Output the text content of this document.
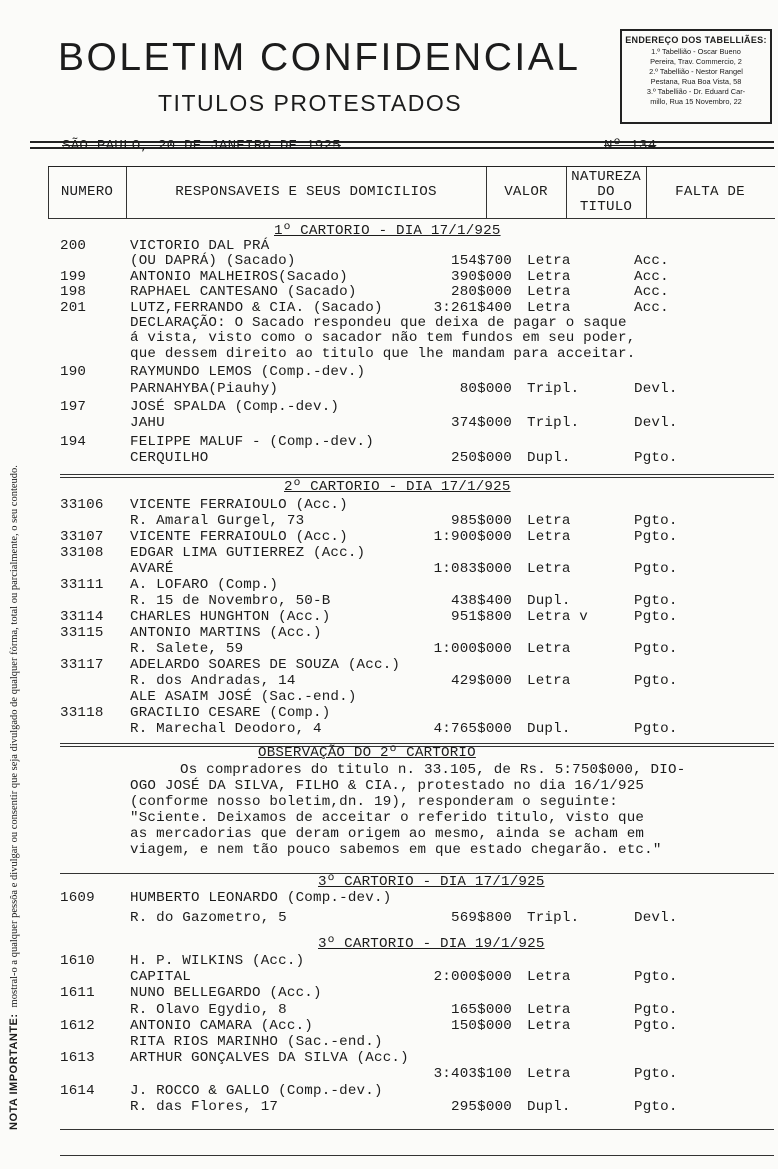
BOLETIM CONFIDENCIAL
TITULOS PROTESTADOS
ENDEREÇO DOS TABELLIÃES:
1.º Tabellião - Oscar Bueno
Pereira, Trav. Commercio, 2
2.º Tabellião - Nestor Rangel
Pestana, Rua Boa Vista, 58
3.º Tabellião - Dr. Eduard Car-
millo, Rua 15 Novembro, 22
SÃO PAULO, 20 DE JANEIRO DE 1925	Nº 134
NUMERO	RESPONSAVEIS E SEUS DOMICILIOS	VALOR
NATUREZA
DO
TITULO
FALTA DE
1º CARTORIO - DIA 17/1/925
200	VICTORIO DAL PRÁ
(OU DAPRÁ) (Sacado)	154$700 Letra	Acc.
199	ANTONIO MALHEIROS(Sacado)	390$000 Letra	Acc.
198	RAPHAEL CANTESANO (Sacado)	280$000 Letra	Acc.
201	LUTZ,FERRANDO & CIA. (Sacado)	3:261$400 Letra	Acc.
DECLARAÇÃO: O Sacado respondeu que deixa de pagar o saque
á vista, visto como o sacador não tem fundos em seu poder,
que dessem direito ao titulo que lhe mandam para acceitar.
190	RAYMUNDO LEMOS (Comp.-dev.)
PARNAHYBA(Piauhy)	80$000 Tripl.	Devl.
197	JOSÉ SPALDA (Comp.-dev.)
JAHU	374$000 Tripl.	Devl.
194	FELIPPE MALUF - (Comp.-dev.)
CERQUILHO	250$000 Dupl.	Pgto.
2º CARTORIO - DIA 17/1/925
33106	VICENTE FERRAIOULO (Acc.)
R. Amaral Gurgel, 73	985$000 Letra	Pgto.
33107	VICENTE FERRAIOULO (Acc.)	1:900$000 Letra	Pgto.
33108	EDGAR LIMA GUTIERREZ (Acc.)
AVARÉ	1:083$000 Letra	Pgto.
33111	A. LOFARO (Comp.)
R. 15 de Novembro, 50-B	438$400 Dupl.	Pgto.
33114	CHARLES HUNGHTON (Acc.)	951$800 Letra v	Pgto.
33115	ANTONIO MARTINS (Acc.)
R. Salete, 59	1:000$000 Letra	Pgto.
33117	ADELARDO SOARES DE SOUZA (Acc.)
R. dos Andradas, 14	429$000 Letra	Pgto.
ALE ASAIM JOSÉ (Sac.-end.)
33118	GRACILIO CESARE (Comp.)
R. Marechal Deodoro, 4	4:765$000 Dupl.	Pgto.
OBSERVAÇÃO DO 2º CARTORIO
Os compradores do titulo n. 33.105, de Rs. 5:750$000, DIO-
OGO JOSÉ DA SILVA, FILHO & CIA., protestado no dia 16/1/925
(conforme nosso boletim,dn. 19), responderam o seguinte:
"Sciente. Deixamos de acceitar o referido titulo, visto que
as mercadorias que deram origem ao mesmo, ainda se acham em
viagem, e nem tão pouco sabemos em que estado chegarão. etc."
3º CARTORIO - DIA 17/1/925
1609	HUMBERTO LEONARDO (Comp.-dev.)
R. do Gazometro, 5	569$800 Tripl.	Devl.
3º CARTORIO - DIA 19/1/925
1610	H. P. WILKINS (Acc.)
CAPITAL	2:000$000 Letra	Pgto.
1611	NUNO BELLEGARDO (Acc.)
R. Olavo Egydio, 8	165$000 Letra	Pgto.
1612	ANTONIO CAMARA (Acc.)	150$000 Letra	Pgto.
RITA RIOS MARINHO (Sac.-end.)
1613	ARTHUR GONÇALVES DA SILVA (Acc.)
3:403$100 Letra	Pgto.
1614	J. ROCCO & GALLO (Comp.-dev.)
R. das Flores, 17	295$000 Dupl.	Pgto.
NOTA IMPORTANTE:mostral-o a qualquer pessôa e divulgar ou consentir que seja divulgado de qualquer fórma, total ou parcialmente, o seu conteudo.
